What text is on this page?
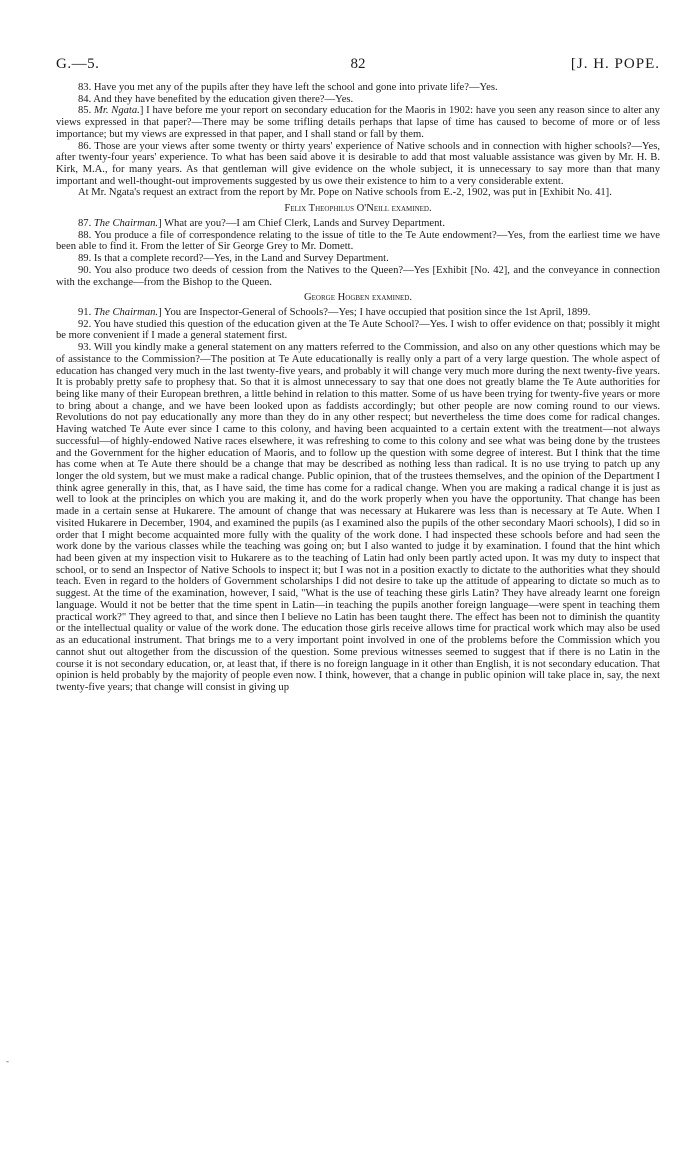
G.—5.	82	[J. H. POPE.

83. Have you met any of the pupils after they have left the school and gone into private life?—Yes.

84. And they have benefited by the education given there?—Yes.

85. Mr. Ngata.] I have before me your report on secondary education for the Maoris in 1902: have you seen any reason since to alter any views expressed in that paper?—There may be some trifling details perhaps that lapse of time has caused to become of more or of less importance; but my views are expressed in that paper, and I shall stand or fall by them.

86. Those are your views after some twenty or thirty years' experience of Native schools and in connection with higher schools?—Yes, after twenty-four years' experience. To what has been said above it is desirable to add that most valuable assistance was given by Mr. H. B. Kirk, M.A., for many years. As that gentleman will give evidence on the whole subject, it is unnecessary to say more than that many important and well-thought-out improvements suggested by us owe their existence to him to a very considerable extent.

At Mr. Ngata's request an extract from the report by Mr. Pope on Native schools from E.-2, 1902, was put in [Exhibit No. 41].

Felix Theophilus O'Neill examined.

87. The Chairman.] What are you?—I am Chief Clerk, Lands and Survey Department.

88. You produce a file of correspondence relating to the issue of title to the Te Aute endowment?—Yes, from the earliest time we have been able to find it. From the letter of Sir George Grey to Mr. Domett.

89. Is that a complete record?—Yes, in the Land and Survey Department.

90. You also produce two deeds of cession from the Natives to the Queen?—Yes [Exhibit [No. 42], and the conveyance in connection with the exchange—from the Bishop to the Queen.

George Hogben examined.

91. The Chairman.] You are Inspector-General of Schools?—Yes; I have occupied that position since the 1st April, 1899.

92. You have studied this question of the education given at the Te Aute School?—Yes. I wish to offer evidence on that; possibly it might be more convenient if I made a general statement first.

93. Will you kindly make a general statement on any matters referred to the Commission, and also on any other questions which may be of assistance to the Commission?—The position at Te Aute educationally is really only a part of a very large question. The whole aspect of education has changed very much in the last twenty-five years, and probably it will change very much more during the next twenty-five years. It is probably pretty safe to prophesy that. So that it is almost unnecessary to say that one does not greatly blame the Te Aute authorities for being like many of their European brethren, a little behind in relation to this matter. Some of us have been trying for twenty-five years or more to bring about a change, and we have been looked upon as faddists accordingly; but other people are now coming round to our views. Revolutions do not pay educationally any more than they do in any other respect; but nevertheless the time does come for radical changes. Having watched Te Aute ever since I came to this colony, and having been acquainted to a certain extent with the treatment—not always successful—of highly-endowed Native races elsewhere, it was refreshing to come to this colony and see what was being done by the trustees and the Government for the higher education of Maoris, and to follow up the question with some degree of interest. But I think that the time has come when at Te Aute there should be a change that may be described as nothing less than radical. It is no use trying to patch up any longer the old system, but we must make a radical change. Public opinion, that of the trustees themselves, and the opinion of the Department I think agree generally in this, that, as I have said, the time has come for a radical change. When you are making a radical change it is just as well to look at the principles on which you are making it, and do the work properly when you have the opportunity. That change has been made in a certain sense at Hukarere. The amount of change that was necessary at Hukarere was less than is necessary at Te Aute. When I visited Hukarere in December, 1904, and examined the pupils (as I examined also the pupils of the other secondary Maori schools), I did so in order that I might become acquainted more fully with the quality of the work done. I had inspected these schools before and had seen the work done by the various classes while the teaching was going on; but I also wanted to judge it by examination. I found that the hint which had been given at my inspection visit to Hukarere as to the teaching of Latin had only been partly acted upon. It was my duty to inspect that school, or to send an Inspector of Native Schools to inspect it; but I was not in a position exactly to dictate to the authorities what they should teach. Even in regard to the holders of Government scholarships I did not desire to take up the attitude of appearing to dictate so much as to suggest. At the time of the examination, however, I said, "What is the use of teaching these girls Latin? They have already learnt one foreign language. Would it not be better that the time spent in Latin—in teaching the pupils another foreign language—were spent in teaching them practical work?" They agreed to that, and since then I believe no Latin has been taught there. The effect has been not to diminish the quantity or the intellectual quality or value of the work done. The education those girls receive allows time for practical work which may also be used as an educational instrument. That brings me to a very important point involved in one of the problems before the Commission which you cannot shut out altogether from the discussion of the question. Some previous witnesses seemed to suggest that if there is no Latin in the course it is not secondary education, or, at least that, if there is no foreign language in it other than English, it is not secondary education. That opinion is held probably by the majority of people even now. I think, however, that a change in public opinion will take place in, say, the next twenty-five years; that change will consist in giving up

-
